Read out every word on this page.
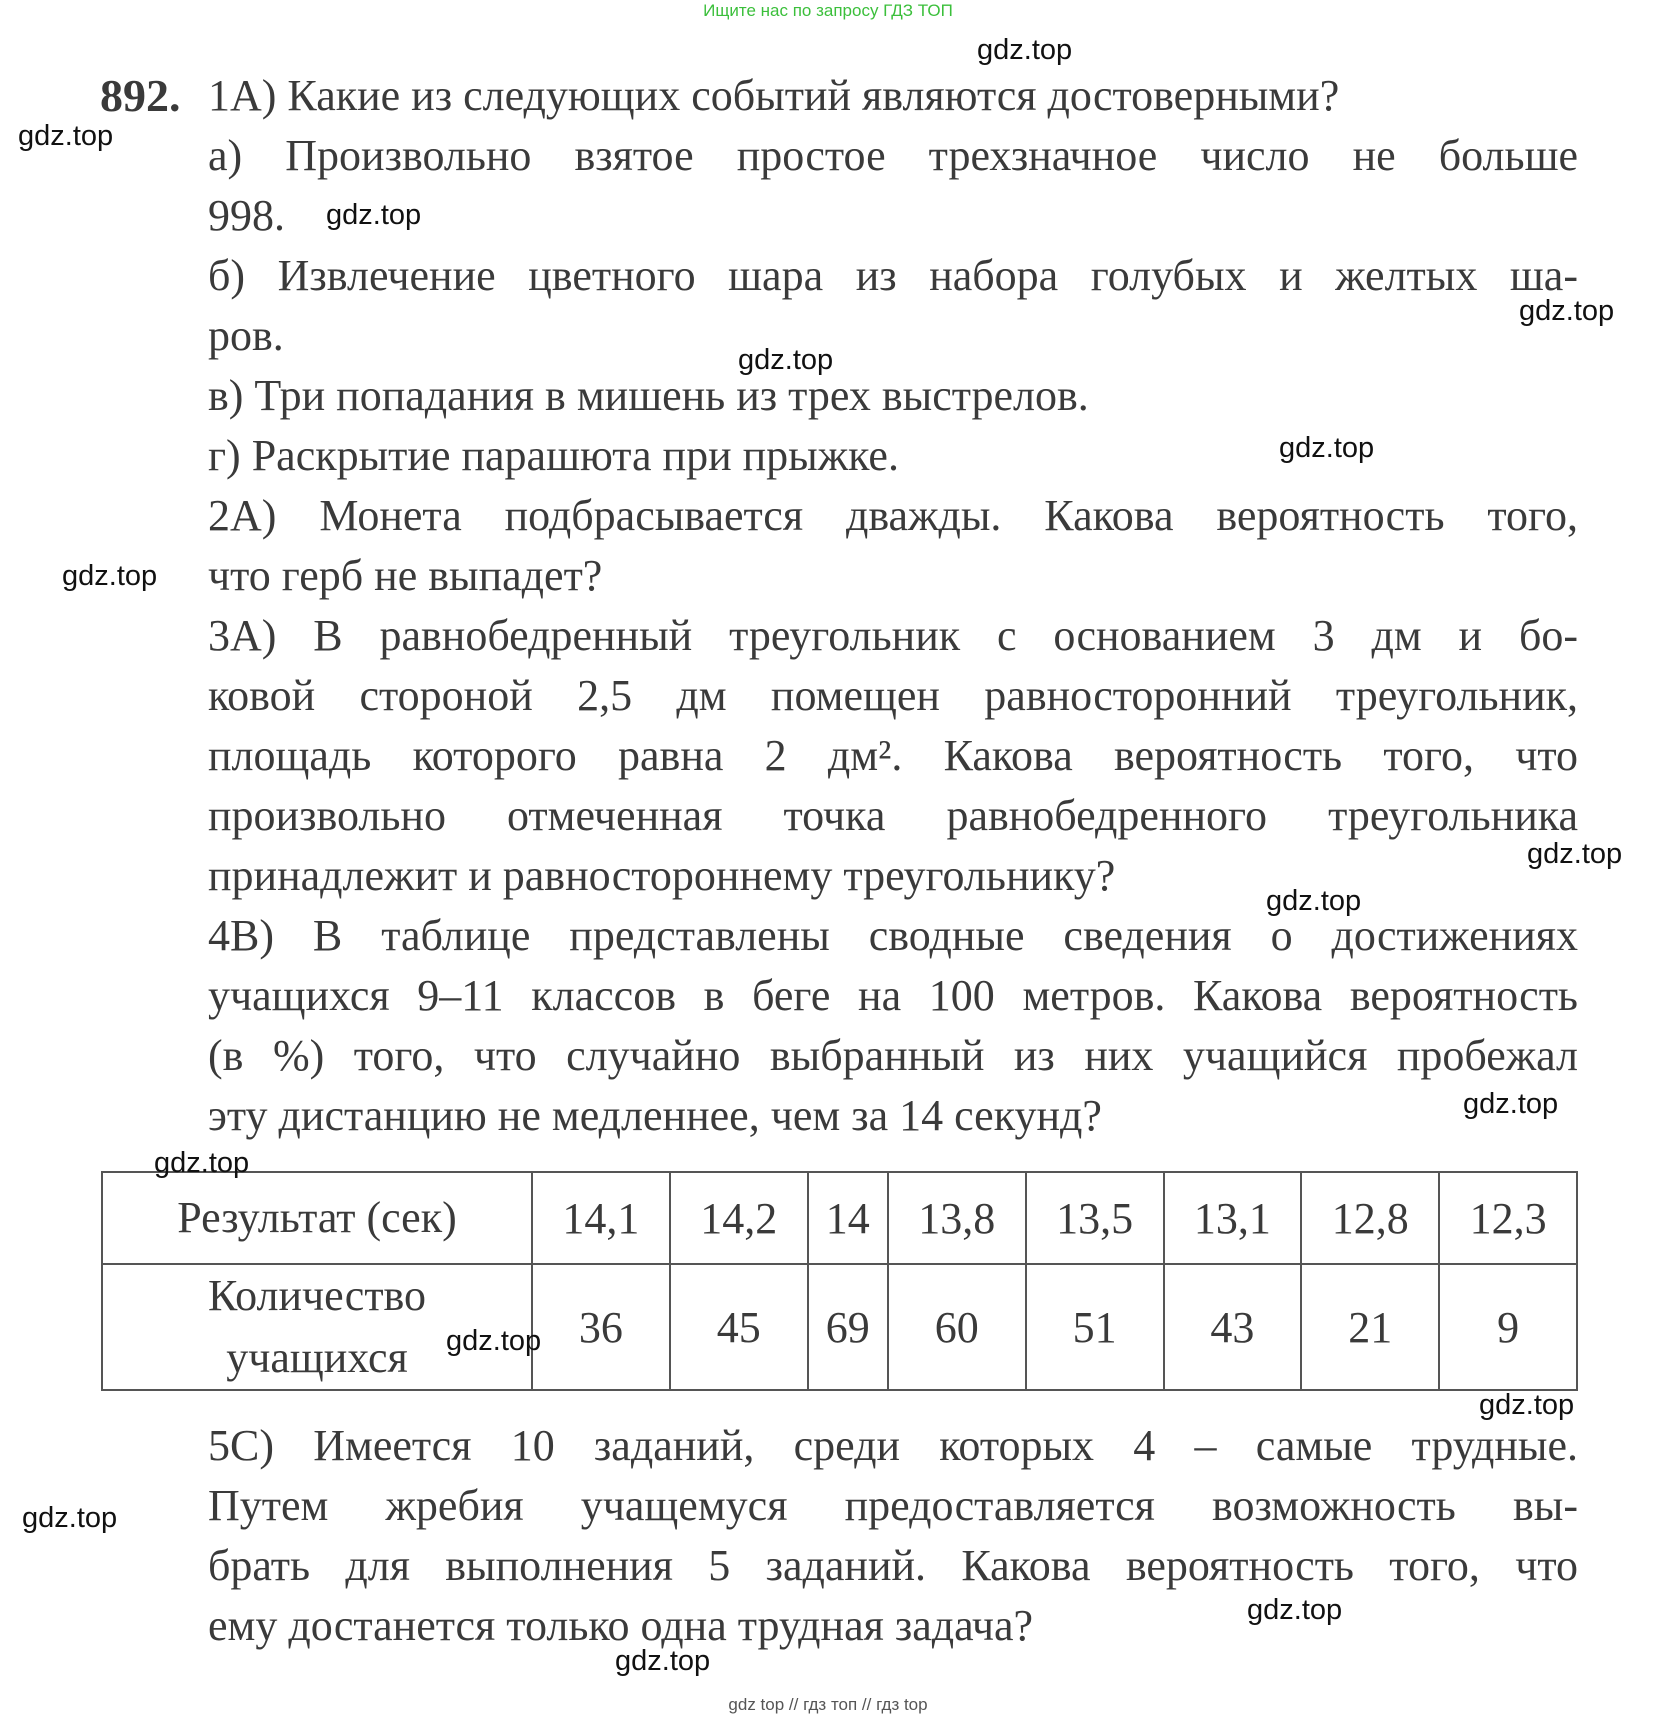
Ищите нас по запросу ГДЗ ТОП
892. 1А) Какие из следующих событий являются достоверными?
а) Произвольно взятое простое трехзначное число не больше
998.
б) Извлечение цветного шара из набора голубых и желтых ша-
ров.
в) Три попадания в мишень из трех выстрелов.
г) Раскрытие парашюта при прыжке.
2А) Монета подбрасывается дважды. Какова вероятность того,
что герб не выпадет?
3А) В равнобедренный треугольник с основанием 3 дм и бо-
ковой стороной 2,5 дм помещен равносторонний треугольник,
площадь которого равна 2 дм². Какова вероятность того, что
произвольно отмеченная точка равнобедренного треугольника
принадлежит и равностороннему треугольнику?
4В) В таблице представлены сводные сведения о достижениях
учащихся 9–11 классов в беге на 100 метров. Какова вероятность
(в %) того, что случайно выбранный из них учащийся пробежал
эту дистанцию не медленнее, чем за 14 секунд?
Результат (сек)	14,1	14,2	14	13,8	13,5	13,1	12,8	12,3

Количество
учащихся	36	45	69	60	51	43	21	9
5С) Имеется 10 заданий, среди которых 4 – самые трудные.
Путем жребия учащемуся предоставляется возможность вы-
брать для выполнения 5 заданий. Какова вероятность того, что
ему достанется только одна трудная задача?
gdz.top
gdz.top
gdz.top
gdz.top
gdz.top
gdz.top
gdz.top
gdz.top
gdz.top
gdz.top
gdz.top
gdz.top
gdz.top
gdz.top
gdz.top
gdz.top
gdz top // гдз топ // гдз top
